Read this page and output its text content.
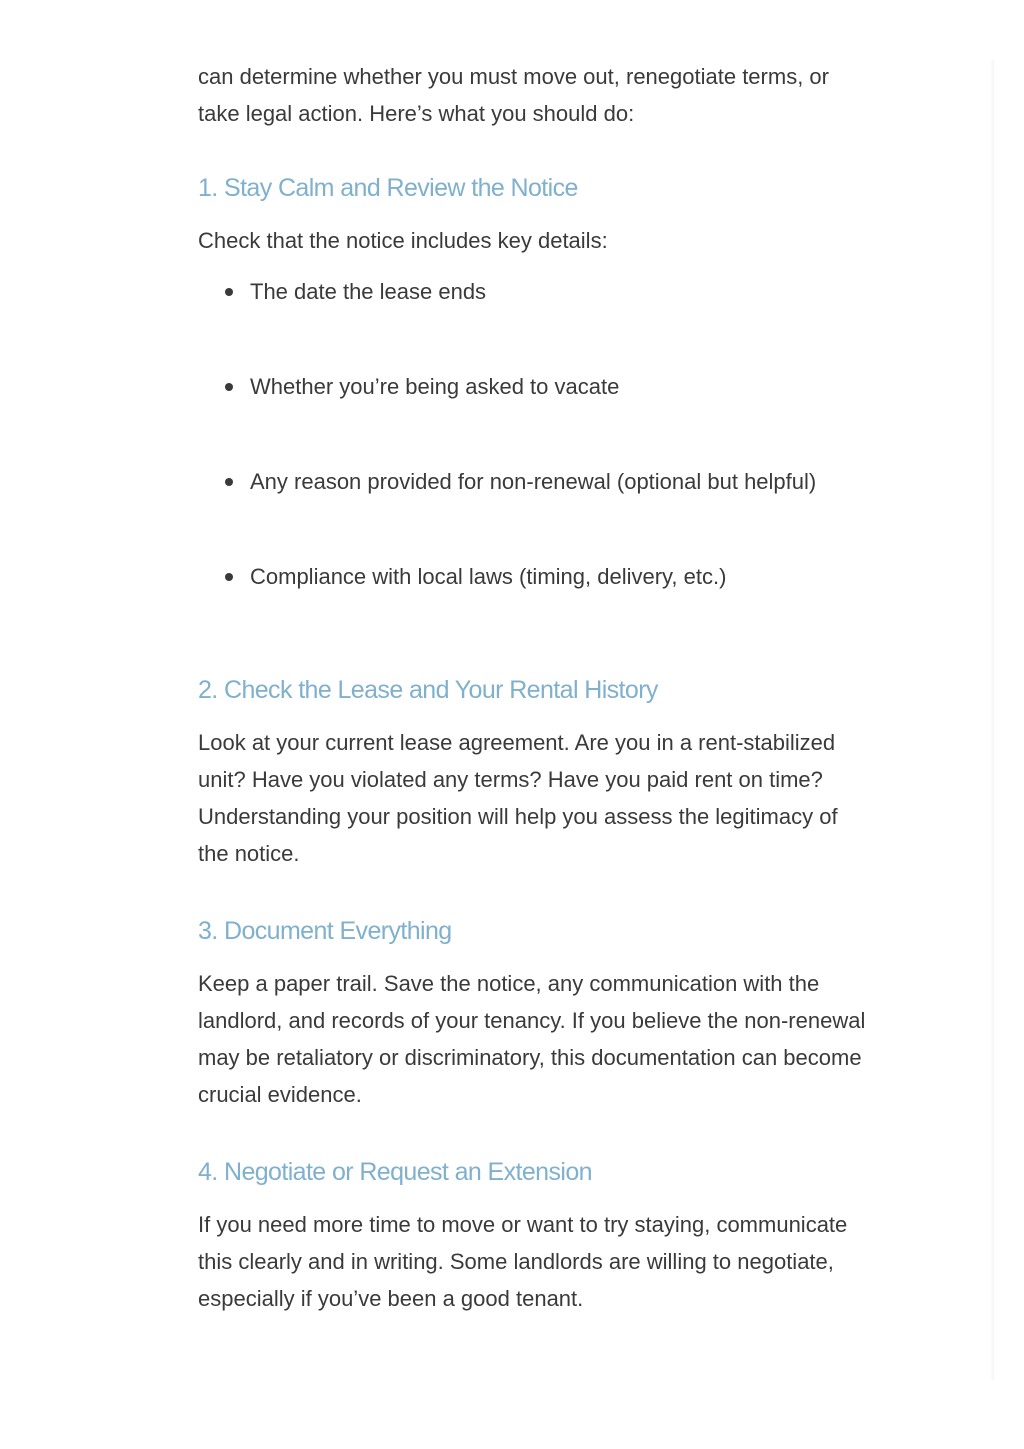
can determine whether you must move out, renegotiate terms, or take legal action. Here’s what you should do:

1. Stay Calm and Review the Notice

Check that the notice includes key details:

The date the lease ends
Whether you’re being asked to vacate
Any reason provided for non-renewal (optional but helpful)
Compliance with local laws (timing, delivery, etc.)
2. Check the Lease and Your Rental History

Look at your current lease agreement. Are you in a rent-stabilized unit? Have you violated any terms? Have you paid rent on time? Understanding your position will help you assess the legitimacy of the notice.

3. Document Everything

Keep a paper trail. Save the notice, any communication with the landlord, and records of your tenancy. If you believe the non-renewal may be retaliatory or discriminatory, this documentation can become crucial evidence.

4. Negotiate or Request an Extension

If you need more time to move or want to try staying, communicate this clearly and in writing. Some landlords are willing to negotiate, especially if you’ve been a good tenant.
